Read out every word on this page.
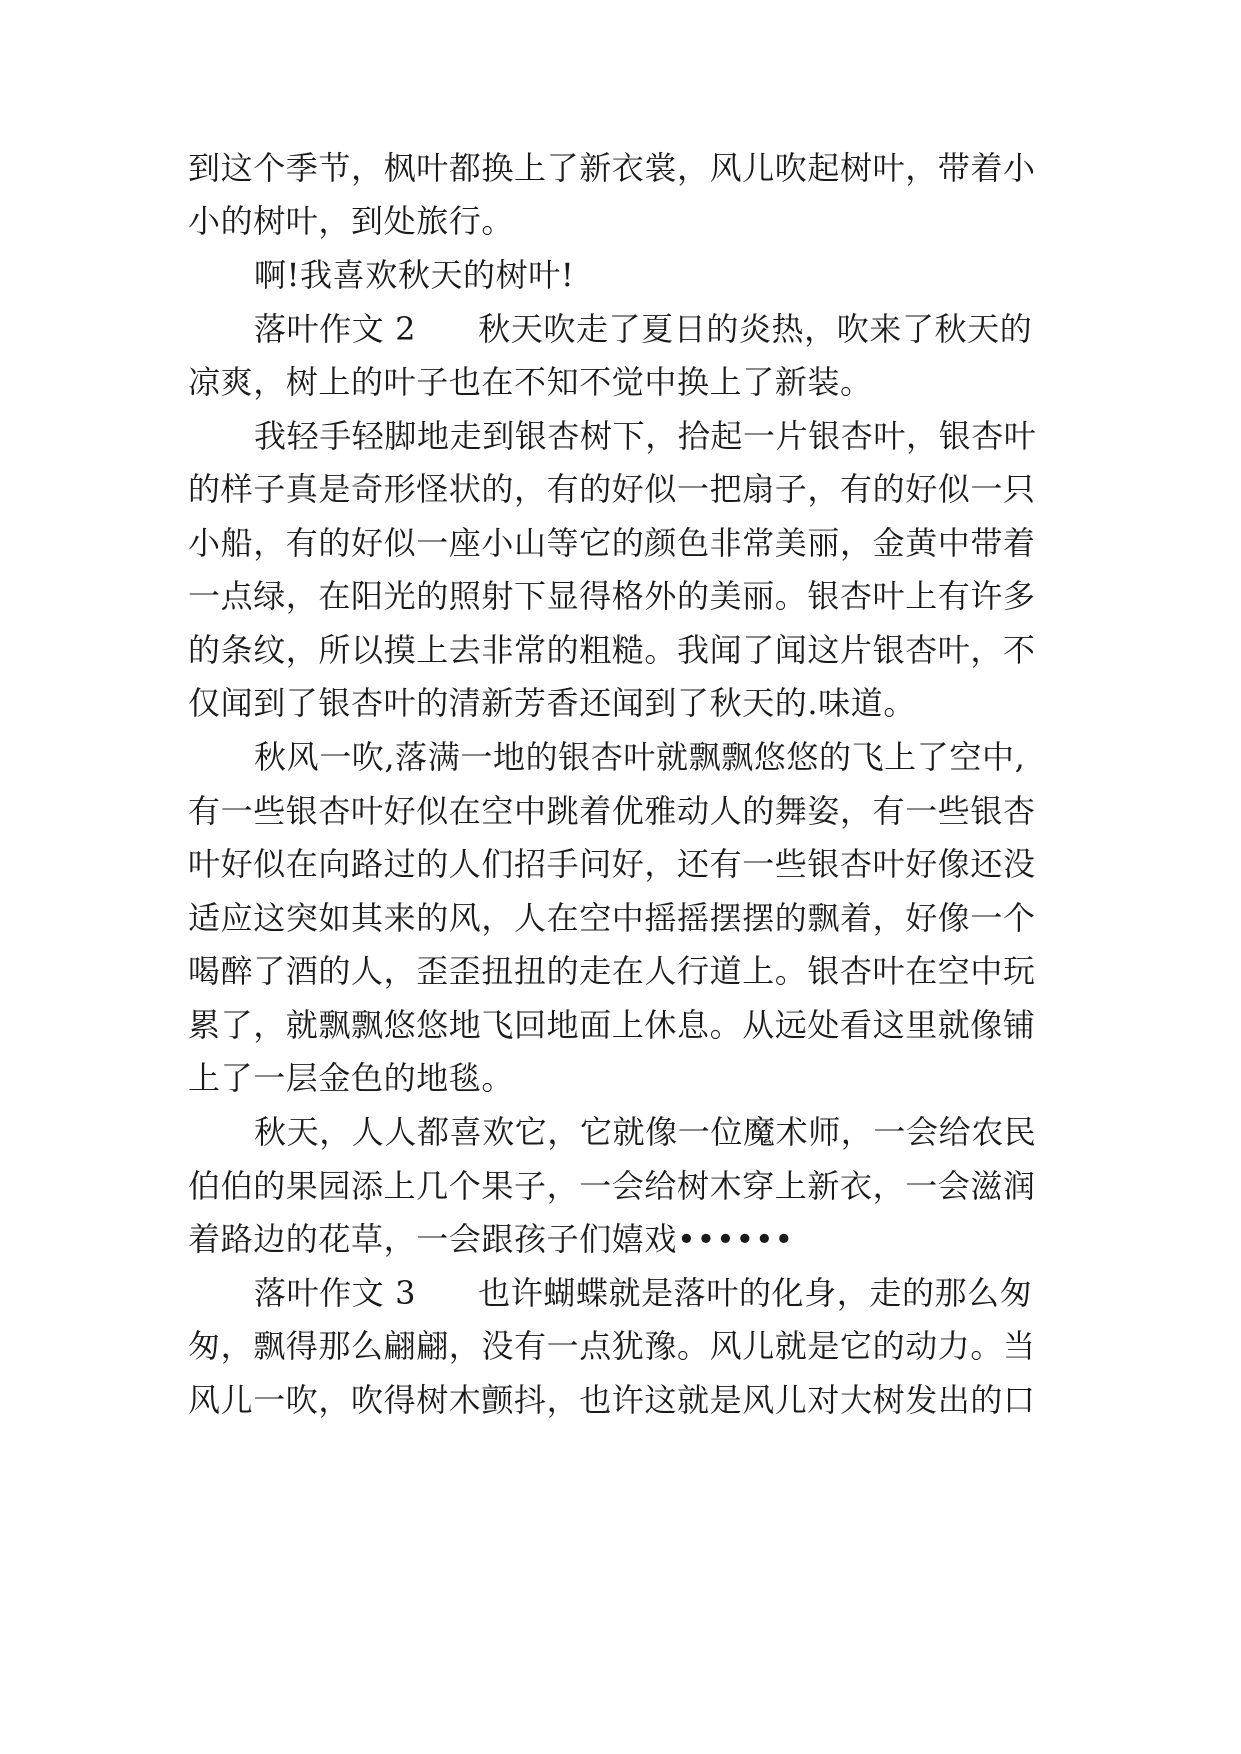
到这个季节，枫叶都换上了新衣裳，风儿吹起树叶，带着小
小的树叶，到处旅行。
啊!我喜欢秋天的树叶!
落叶作文 2 秋天吹走了夏日的炎热，吹来了秋天的
凉爽，树上的叶子也在不知不觉中换上了新装。
我轻手轻脚地走到银杏树下，拾起一片银杏叶，银杏叶
的样子真是奇形怪状的，有的好似一把扇子，有的好似一只
小船，有的好似一座小山等它的颜色非常美丽，金黄中带着
一点绿，在阳光的照射下显得格外的美丽。银杏叶上有许多
的条纹，所以摸上去非常的粗糙。我闻了闻这片银杏叶，不
仅闻到了银杏叶的清新芳香还闻到了秋天的.味道。
秋风一吹,落满一地的银杏叶就飘飘悠悠的飞上了空中,
有一些银杏叶好似在空中跳着优雅动人的舞姿，有一些银杏
叶好似在向路过的人们招手问好，还有一些银杏叶好像还没
适应这突如其来的风，人在空中摇摇摆摆的飘着，好像一个
喝醉了酒的人，歪歪扭扭的走在人行道上。银杏叶在空中玩
累了，就飘飘悠悠地飞回地面上休息。从远处看这里就像铺
上了一层金色的地毯。
秋天，人人都喜欢它，它就像一位魔术师，一会给农民
伯伯的果园添上几个果子，一会给树木穿上新衣，一会滋润
着路边的花草，一会跟孩子们嬉戏••••••
落叶作文 3 也许蝴蝶就是落叶的化身，走的那么匆
匆，飘得那么翩翩，没有一点犹豫。风儿就是它的动力。当
风儿一吹，吹得树木颤抖，也许这就是风儿对大树发出的口
